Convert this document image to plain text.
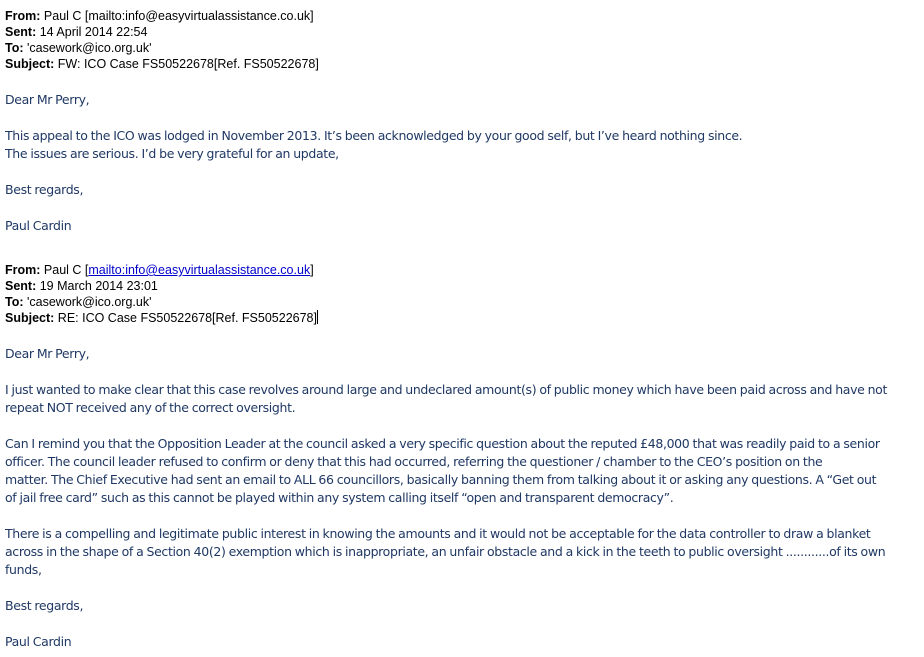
From: Paul C [mailto:info@easyvirtualassistance.co.uk]
Sent: 14 April 2014 22:54
To: 'casework@ico.org.uk'
Subject: FW: ICO Case FS50522678[Ref. FS50522678]

Dear Mr Perry,

This appeal to the ICO was lodged in November 2013. It’s been acknowledged by your good self, but I’ve heard nothing since.

The issues are serious. I’d be very grateful for an update,

Best regards,

Paul Cardin

From: Paul C [mailto:info@easyvirtualassistance.co.uk]
Sent: 19 March 2014 23:01
To: 'casework@ico.org.uk'
Subject: RE: ICO Case FS50522678[Ref. FS50522678]

Dear Mr Perry,

I just wanted to make clear that this case revolves around large and undeclared amount(s) of public money which have been paid across and have not

repeat NOT received any of the correct oversight.

Can I remind you that the Opposition Leader at the council asked a very specific question about the reputed £48,000 that was readily paid to a senior

officer. The council leader refused to confirm or deny that this had occurred, referring the questioner / chamber to the CEO’s position on the

matter. The Chief Executive had sent an email to ALL 66 councillors, basically banning them from talking about it or asking any questions. A “Get out

of jail free card” such as this cannot be played within any system calling itself “open and transparent democracy”.

There is a compelling and legitimate public interest in knowing the amounts and it would not be acceptable for the data controller to draw a blanket

across in the shape of a Section 40(2) exemption which is inappropriate, an unfair obstacle and a kick in the teeth to public oversight ............of its own

funds,

Best regards,

Paul Cardin
